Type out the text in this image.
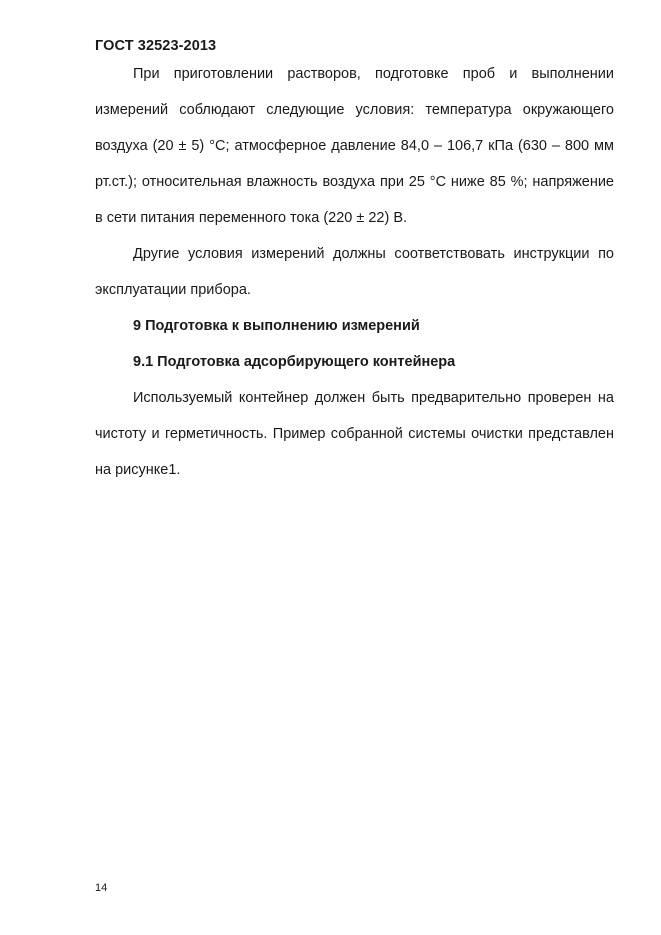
ГОСТ 32523-2013

При приготовлении растворов, подготовке проб и выполнении измерений соблюдают следующие условия: температура окружающего воздуха (20 ± 5) °С; атмосферное давление 84,0 – 106,7 кПа (630 – 800 мм рт.ст.); относительная влажность воздуха при 25 °С ниже 85 %; напряжение в сети питания переменного тока (220 ± 22) В.

Другие условия измерений должны соответствовать инструкции по эксплуатации прибора.

9 Подготовка к выполнению измерений
9.1 Подготовка адсорбирующего контейнера

Используемый контейнер должен быть предварительно проверен на чистоту и герметичность. Пример собранной системы очистки представлен на рисунке1.

14
